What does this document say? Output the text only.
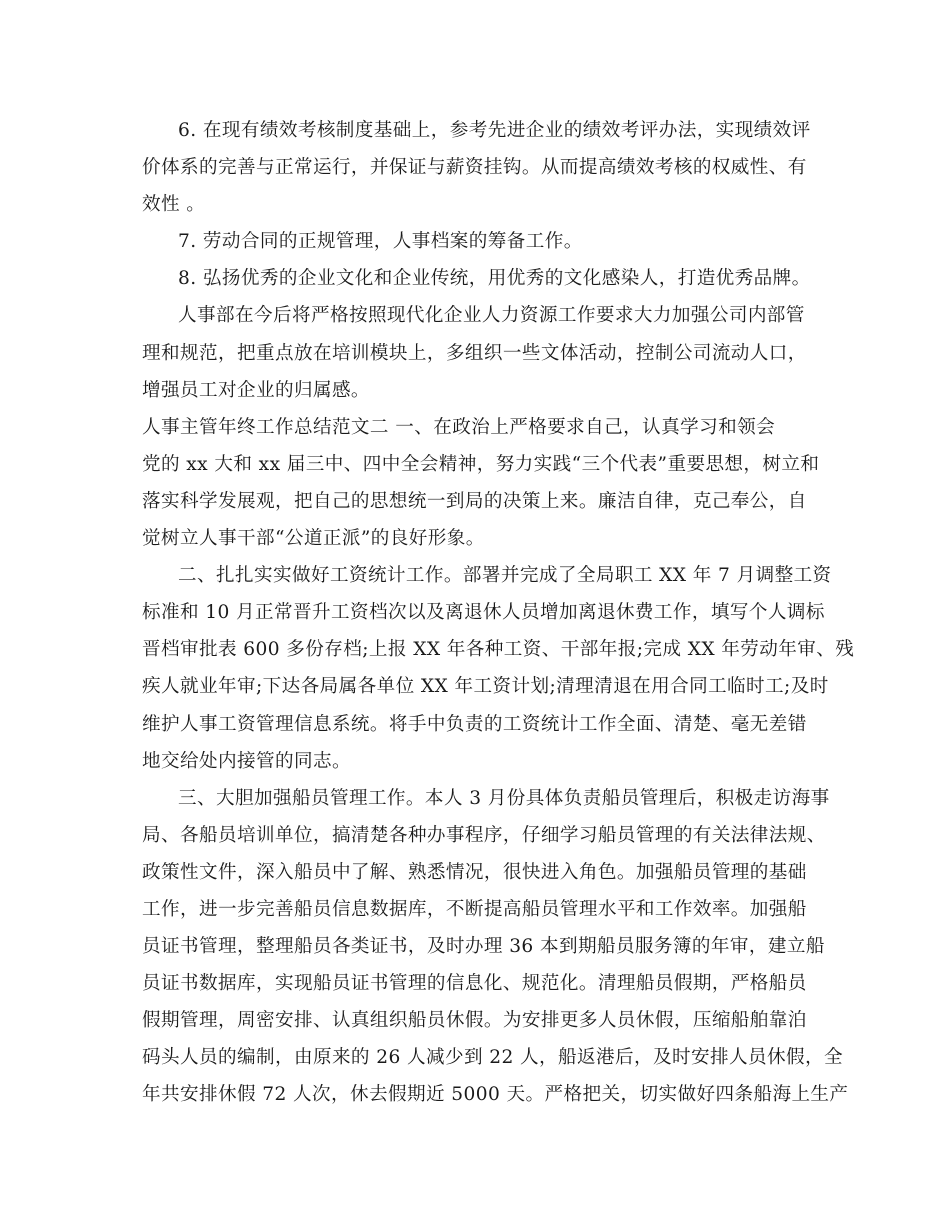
6. 在现有绩效考核制度基础上，参考先进企业的绩效考评办法，实现绩效评
价体系的完善与正常运行，并保证与薪资挂钩。从而提高绩效考核的权威性、有
效性 。
7. 劳动合同的正规管理，人事档案的筹备工作。
8. 弘扬优秀的企业文化和企业传统，用优秀的文化感染人，打造优秀品牌。
人事部在今后将严格按照现代化企业人力资源工作要求大力加强公司内部管
理和规范，把重点放在培训模块上，多组织一些文体活动，控制公司流动人口，
增强员工对企业的归属感。
人事主管年终工作总结范文二 一、在政治上严格要求自己，认真学习和领会
党的 xx 大和 xx 届三中、四中全会精神，努力实践“三个代表”重要思想，树立和
落实科学发展观，把自己的思想统一到局的决策上来。廉洁自律，克己奉公，自
觉树立人事干部“公道正派”的良好形象。
二、扎扎实实做好工资统计工作。部署并完成了全局职工 XX 年 7 月调整工资
标准和 10 月正常晋升工资档次以及离退休人员增加离退休费工作，填写个人调标
晋档审批表 600 多份存档;上报 XX 年各种工资、干部年报;完成 XX 年劳动年审、残
疾人就业年审;下达各局属各单位 XX 年工资计划;清理清退在用合同工临时工;及时
维护人事工资管理信息系统。将手中负责的工资统计工作全面、清楚、毫无差错
地交给处内接管的同志。
三、大胆加强船员管理工作。本人 3 月份具体负责船员管理后，积极走访海事
局、各船员培训单位，搞清楚各种办事程序，仔细学习船员管理的有关法律法规、
政策性文件，深入船员中了解、熟悉情况，很快进入角色。加强船员管理的基础
工作，进一步完善船员信息数据库，不断提高船员管理水平和工作效率。加强船
员证书管理，整理船员各类证书，及时办理 36 本到期船员服务簿的年审，建立船
员证书数据库，实现船员证书管理的信息化、规范化。清理船员假期，严格船员
假期管理，周密安排、认真组织船员休假。为安排更多人员休假，压缩船舶靠泊
码头人员的编制，由原来的 26 人减少到 22 人，船返港后，及时安排人员休假，全
年共安排休假 72 人次，休去假期近 5000 天。严格把关，切实做好四条船海上生产
